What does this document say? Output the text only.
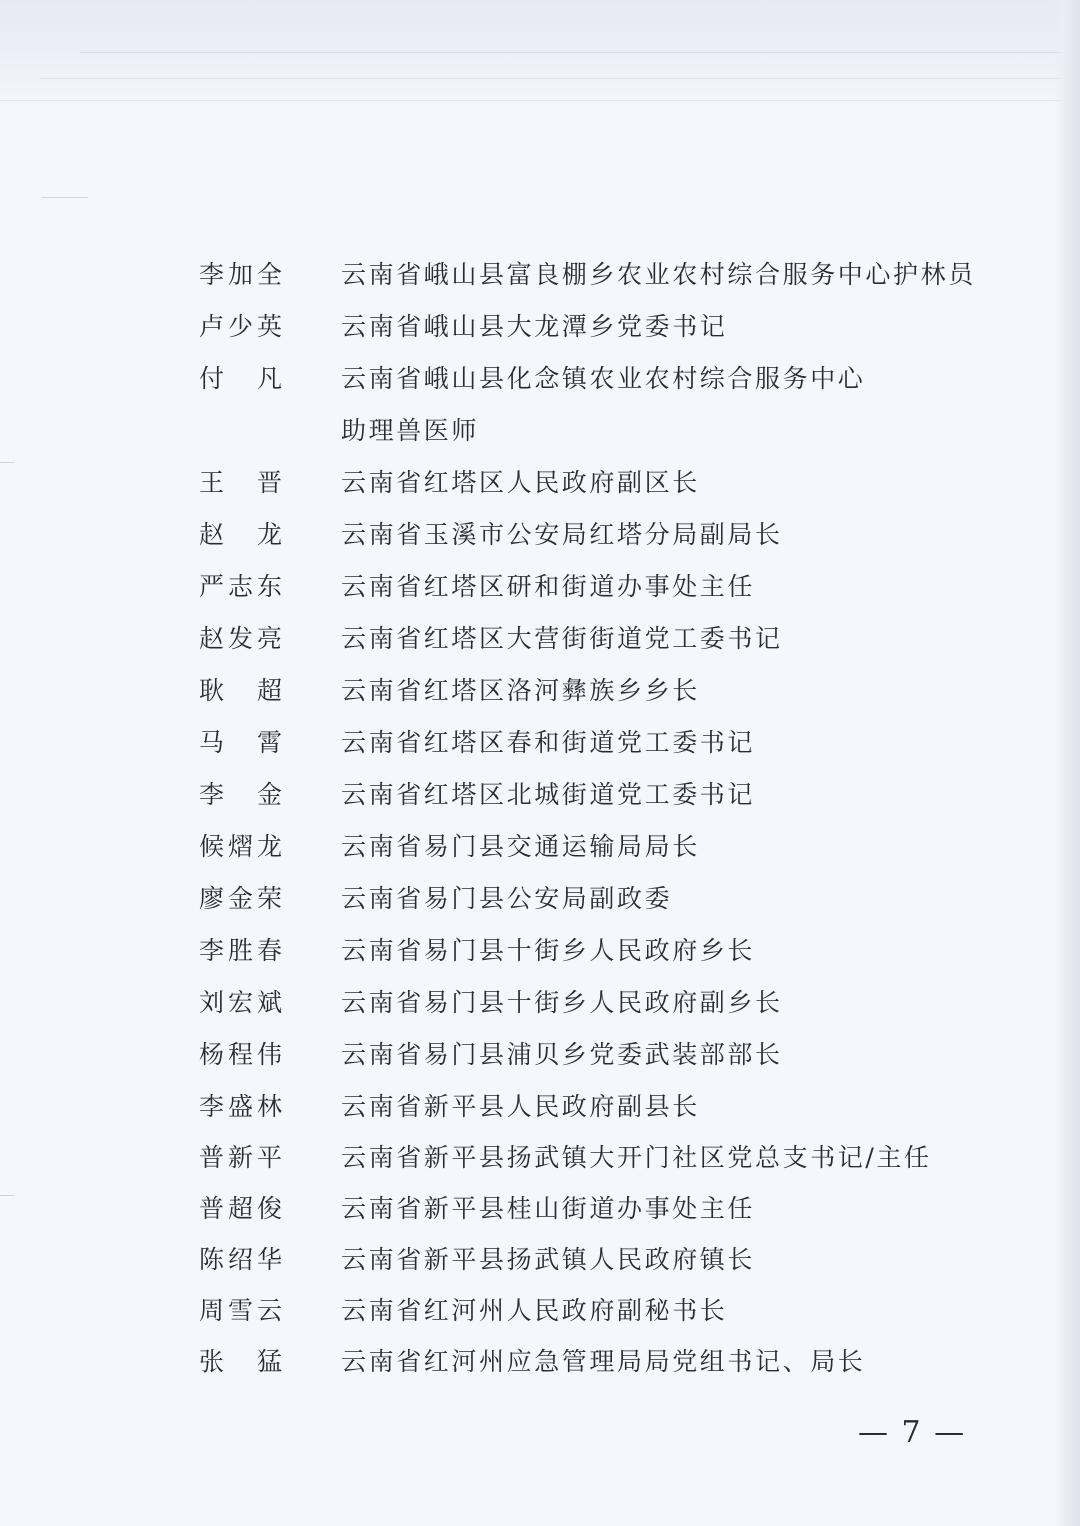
李加全 云南省峨山县富良棚乡农业农村综合服务中心护林员
卢少英 云南省峨山县大龙潭乡党委书记
付　凡 云南省峨山县化念镇农业农村综合服务中心
助理兽医师
王　晋 云南省红塔区人民政府副区长
赵　龙 云南省玉溪市公安局红塔分局副局长
严志东 云南省红塔区研和街道办事处主任
赵发亮 云南省红塔区大营街街道党工委书记
耿　超 云南省红塔区洛河彝族乡乡长
马　霄 云南省红塔区春和街道党工委书记
李　金 云南省红塔区北城街道党工委书记
候熠龙 云南省易门县交通运输局局长
廖金荣 云南省易门县公安局副政委
李胜春 云南省易门县十街乡人民政府乡长
刘宏斌 云南省易门县十街乡人民政府副乡长
杨程伟 云南省易门县浦贝乡党委武装部部长
李盛林 云南省新平县人民政府副县长
普新平 云南省新平县扬武镇大开门社区党总支书记/主任
普超俊 云南省新平县桂山街道办事处主任
陈绍华 云南省新平县扬武镇人民政府镇长
周雪云 云南省红河州人民政府副秘书长
张　猛 云南省红河州应急管理局局党组书记、局长
— 7 —
